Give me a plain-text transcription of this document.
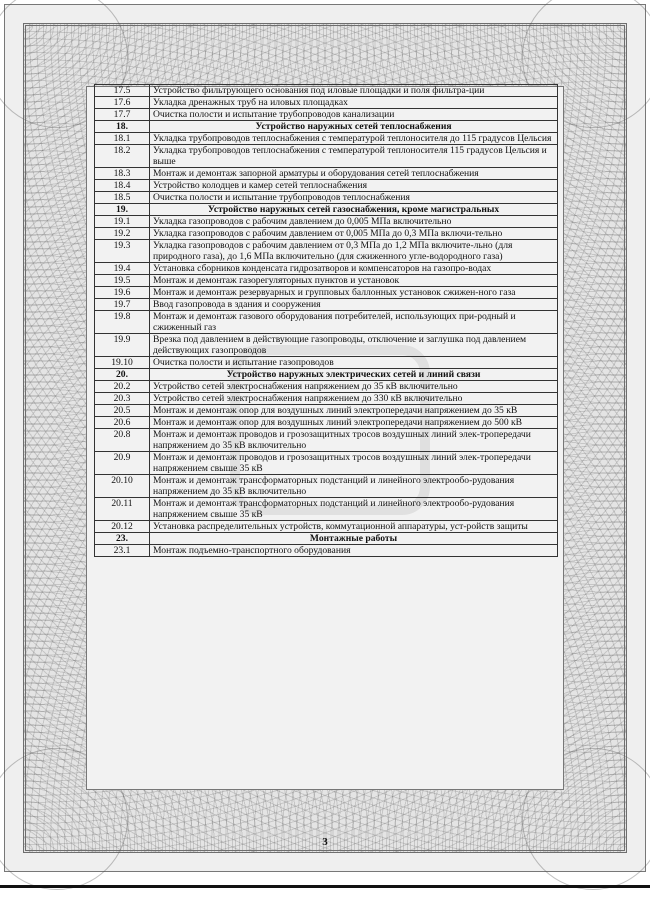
17.5	Устройство фильтрующего основания под иловые площадки и поля фильтра-ции
17.6	Укладка дренажных труб на иловых площадках
17.7	Очистка полости и испытание трубопроводов канализации
18.	Устройство наружных сетей теплоснабжения
18.1	Укладка трубопроводов теплоснабжения с температурой теплоносителя до 115 градусов Цельсия
18.2	Укладка трубопроводов теплоснабжения с температурой теплоносителя 115 градусов Цельсия и выше
18.3	Монтаж и демонтаж запорной арматуры и оборудования сетей теплоснабжения
18.4	Устройство колодцев и камер сетей теплоснабжения
18.5	Очистка полости и испытание трубопроводов теплоснабжения
19.	Устройство наружных сетей газоснабжения, кроме магистральных
19.1	Укладка газопроводов с рабочим давлением до 0,005 МПа включительно
19.2	Укладка газопроводов с рабочим давлением от 0,005 МПа до 0,3 МПа включи-тельно
19.3	Укладка газопроводов с рабочим давлением от 0,3 МПа до 1,2 МПа включите-льно (для природного газа), до 1,6 МПа включительно (для сжиженного угле-водородного газа)
19.4	Установка сборников конденсата гидрозатворов и компенсаторов на газопро-водах
19.5	Монтаж и демонтаж газорегуляторных пунктов и установок
19.6	Монтаж и демонтаж резервуарных и групповых баллонных установок сжижен-ного газа
19.7	Ввод газопровода в здания и сооружения
19.8	Монтаж и демонтаж газового оборудования потребителей, использующих при-родный и сжиженный газ
19.9	Врезка под давлением в действующие газопроводы, отключение и заглушка под давлением действующих газопроводов
19.10	Очистка полости и испытание газопроводов
20.	Устройство наружных электрических сетей и линий связи
20.2	Устройство сетей электроснабжения напряжением до 35 кВ включительно
20.3	Устройство сетей электроснабжения напряжением до 330 кВ включительно
20.5	Монтаж и демонтаж опор для воздушных линий электропередачи напряжением до 35 кВ
20.6	Монтаж и демонтаж опор для воздушных линий электропередачи напряжением до 500 кВ
20.8	Монтаж и демонтаж проводов и грозозащитных тросов воздушных линий элек-тропередачи напряжением до 35 кВ включительно
20.9	Монтаж и демонтаж проводов и грозозащитных тросов воздушных линий элек-тропередачи напряжением свыше 35 кВ
20.10	Монтаж и демонтаж трансформаторных подстанций и линейного электрообо-рудования напряжением до 35 кВ включительно
20.11	Монтаж и демонтаж трансформаторных подстанций и линейного электрообо-рудования напряжением свыше 35 кВ
20.12	Установка распределительных устройств, коммутационной аппаратуры, уст-ройств защиты
23.	Монтажные работы
23.1	Монтаж подъемно-транспортного оборудования
3
